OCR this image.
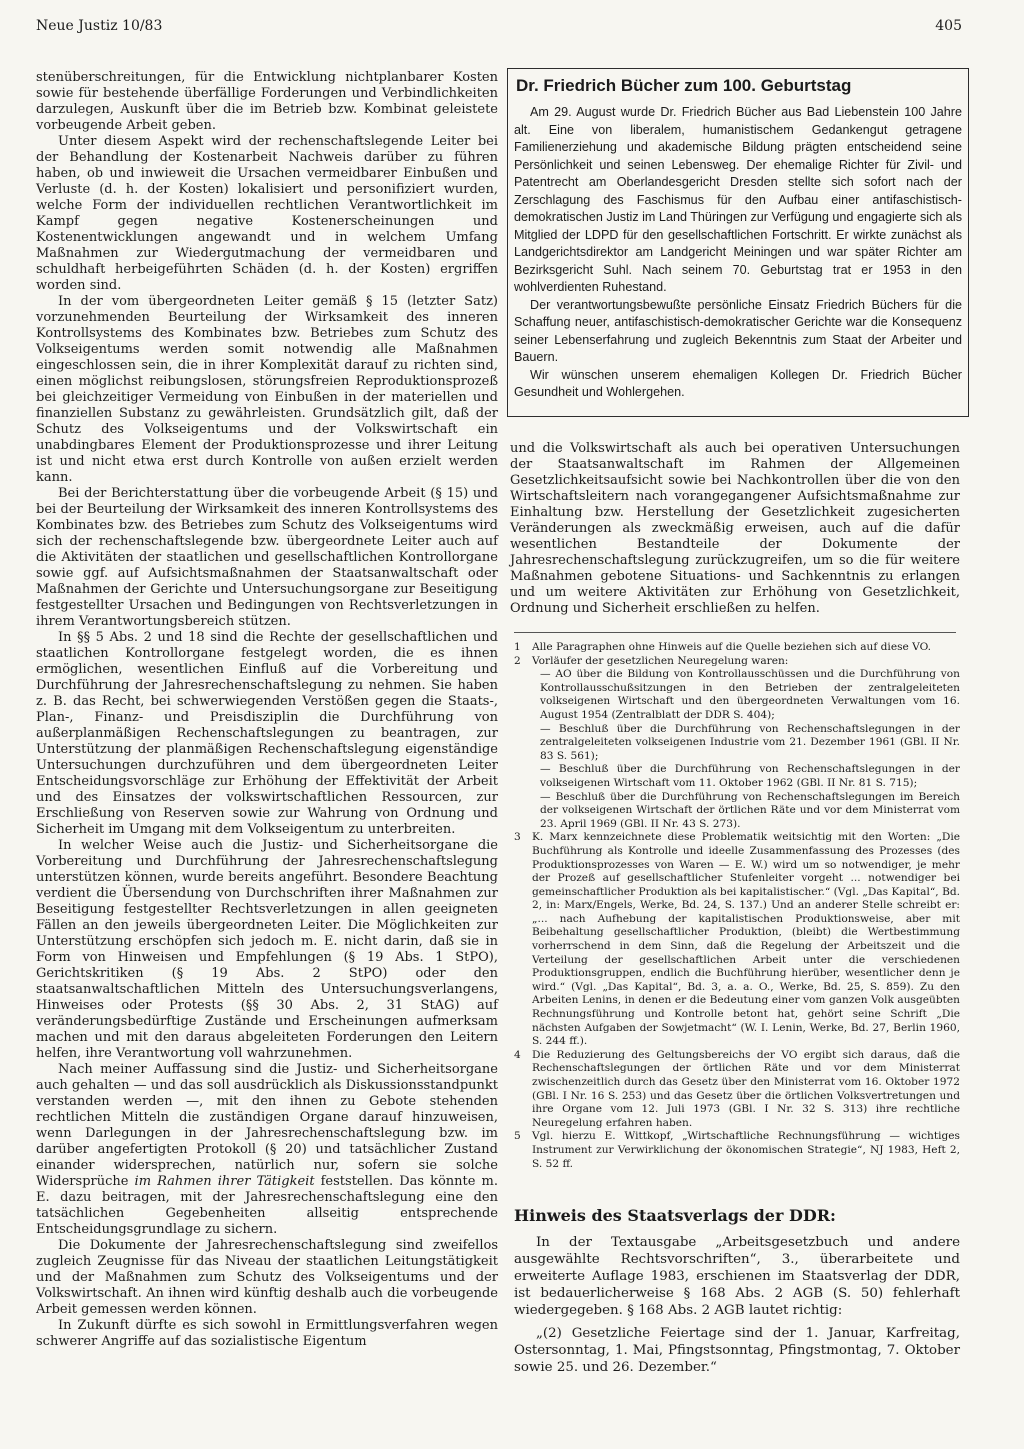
Neue Justiz 10/83	405

stenüberschreitungen, für die Entwicklung nichtplanbarer Kosten sowie für bestehende überfällige Forderungen und Verbindlichkeiten darzulegen, Auskunft über die im Betrieb bzw. Kombinat geleistete vorbeugende Arbeit geben.

Unter diesem Aspekt wird der rechenschaftslegende Leiter bei der Behandlung der Kostenarbeit Nachweis darüber zu führen haben, ob und inwieweit die Ursachen vermeidbarer Einbußen und Verluste (d. h. der Kosten) lokalisiert und personifiziert wurden, welche Form der individuellen rechtlichen Verantwortlichkeit im Kampf gegen negative Kostenerscheinungen und Kostenentwicklungen angewandt und in welchem Umfang Maßnahmen zur Wiedergutmachung der vermeidbaren und schuldhaft herbeigeführten Schäden (d. h. der Kosten) ergriffen worden sind.

In der vom übergeordneten Leiter gemäß § 15 (letzter Satz) vorzunehmenden Beurteilung der Wirksamkeit des inneren Kontrollsystems des Kombinates bzw. Betriebes zum Schutz des Volkseigentums werden somit notwendig alle Maßnahmen eingeschlossen sein, die in ihrer Komplexität darauf zu richten sind, einen möglichst reibungslosen, störungsfreien Reproduktionsprozeß bei gleichzeitiger Vermeidung von Einbußen in der materiellen und finanziellen Substanz zu gewährleisten. Grundsätzlich gilt, daß der Schutz des Volkseigentums und der Volkswirtschaft ein unabdingbares Element der Produktionsprozesse und ihrer Leitung ist und nicht etwa erst durch Kontrolle von außen erzielt werden kann.

Bei der Berichterstattung über die vorbeugende Arbeit (§ 15) und bei der Beurteilung der Wirksamkeit des inneren Kontrollsystems des Kombinates bzw. des Betriebes zum Schutz des Volkseigentums wird sich der rechenschaftslegende bzw. übergeordnete Leiter auch auf die Aktivitäten der staatlichen und gesellschaftlichen Kontrollorgane sowie ggf. auf Aufsichtsmaßnahmen der Staatsanwaltschaft oder Maßnahmen der Gerichte und Untersuchungsorgane zur Beseitigung festgestellter Ursachen und Bedingungen von Rechtsverletzungen in ihrem Verantwortungsbereich stützen.

In §§ 5 Abs. 2 und 18 sind die Rechte der gesellschaftlichen und staatlichen Kontrollorgane festgelegt worden, die es ihnen ermöglichen, wesentlichen Einfluß auf die Vorbereitung und Durchführung der Jahresrechenschaftslegung zu nehmen. Sie haben z. B. das Recht, bei schwerwiegenden Verstößen gegen die Staats-, Plan-, Finanz- und Preisdisziplin die Durchführung von außerplanmäßigen Rechenschaftslegungen zu beantragen, zur Unterstützung der planmäßigen Rechenschaftslegung eigenständige Untersuchungen durchzuführen und dem übergeordneten Leiter Entscheidungsvorschläge zur Erhöhung der Effektivität der Arbeit und des Einsatzes der volkswirtschaftlichen Ressourcen, zur Erschließung von Reserven sowie zur Wahrung von Ordnung und Sicherheit im Umgang mit dem Volkseigentum zu unterbreiten.

In welcher Weise auch die Justiz- und Sicherheitsorgane die Vorbereitung und Durchführung der Jahresrechenschaftslegung unterstützen können, wurde bereits angeführt. Besondere Beachtung verdient die Übersendung von Durchschriften ihrer Maßnahmen zur Beseitigung festgestellter Rechtsverletzungen in allen geeigneten Fällen an den jeweils übergeordneten Leiter. Die Möglichkeiten zur Unterstützung erschöpfen sich jedoch m. E. nicht darin, daß sie in Form von Hinweisen und Empfehlungen (§ 19 Abs. 1 StPO), Gerichtskritiken (§ 19 Abs. 2 StPO) oder den staatsanwaltschaftlichen Mitteln des Untersuchungsverlangens, Hinweises oder Protests (§§ 30 Abs. 2, 31 StAG) auf veränderungsbedürftige Zustände und Erscheinungen aufmerksam machen und mit den daraus abgeleiteten Forderungen den Leitern helfen, ihre Verantwortung voll wahrzunehmen.

Nach meiner Auffassung sind die Justiz- und Sicherheitsorgane auch gehalten — und das soll ausdrücklich als Diskussionsstandpunkt verstanden werden —, mit den ihnen zu Gebote stehenden rechtlichen Mitteln die zuständigen Organe darauf hinzuweisen, wenn Darlegungen in der Jahresrechenschaftslegung bzw. im darüber angefertigten Protokoll (§ 20) und tatsächlicher Zustand einander widersprechen, natürlich nur, sofern sie solche Widersprüche im Rahmen ihrer Tätigkeit feststellen. Das könnte m. E. dazu beitragen, mit der Jahresrechenschaftslegung eine den tatsächlichen Gegebenheiten allseitig entsprechende Entscheidungsgrundlage zu sichern.

Die Dokumente der Jahresrechenschaftslegung sind zweifellos zugleich Zeugnisse für das Niveau der staatlichen Leitungstätigkeit und der Maßnahmen zum Schutz des Volkseigentums und der Volkswirtschaft. An ihnen wird künftig deshalb auch die vorbeugende Arbeit gemessen werden können.

In Zukunft dürfte es sich sowohl in Ermittlungsverfahren wegen schwerer Angriffe auf das sozialistische Eigentum

Dr. Friedrich Bücher zum 100. Geburtstag

Am 29. August wurde Dr. Friedrich Bücher aus Bad Liebenstein 100 Jahre alt. Eine von liberalem, humanistischem Gedankengut getragene Familienerziehung und akademische Bildung prägten entscheidend seine Persönlichkeit und seinen Lebensweg. Der ehemalige Richter für Zivil- und Patentrecht am Oberlandesgericht Dresden stellte sich sofort nach der Zerschlagung des Faschismus für den Aufbau einer antifaschistisch-demokratischen Justiz im Land Thüringen zur Verfügung und engagierte sich als Mitglied der LDPD für den gesellschaftlichen Fortschritt. Er wirkte zunächst als Landgerichtsdirektor am Landgericht Meiningen und war später Richter am Bezirksgericht Suhl. Nach seinem 70. Geburtstag trat er 1953 in den wohlverdienten Ruhestand.

Der verantwortungsbewußte persönliche Einsatz Friedrich Büchers für die Schaffung neuer, antifaschistisch-demokratischer Gerichte war die Konsequenz seiner Lebenserfahrung und zugleich Bekenntnis zum Staat der Arbeiter und Bauern.

Wir wünschen unserem ehemaligen Kollegen Dr. Friedrich Bücher Gesundheit und Wohlergehen.

und die Volkswirtschaft als auch bei operativen Untersuchungen der Staatsanwaltschaft im Rahmen der Allgemeinen Gesetzlichkeitsaufsicht sowie bei Nachkontrollen über die von den Wirtschaftsleitern nach vorangegangener Aufsichtsmaßnahme zur Einhaltung bzw. Herstellung der Gesetzlichkeit zugesicherten Veränderungen als zweckmäßig erweisen, auch auf die dafür wesentlichen Bestandteile der Dokumente der Jahresrechenschaftslegung zurückzugreifen, um so die für weitere Maßnahmen gebotene Situations- und Sachkenntnis zu erlangen und um weitere Aktivitäten zur Erhöhung von Gesetzlichkeit, Ordnung und Sicherheit erschließen zu helfen.

1 Alle Paragraphen ohne Hinweis auf die Quelle beziehen sich auf diese VO.
2 Vorläufer der gesetzlichen Neuregelung waren:
— AO über die Bildung von Kontrollausschüssen und die Durchführung von Kontrollausschußsitzungen in den Betrieben der zentralgeleiteten volkseigenen Wirtschaft und den übergeordneten Verwaltungen vom 16. August 1954 (Zentralblatt der DDR S. 404);
— Beschluß über die Durchführung von Rechenschaftslegungen in der zentralgeleiteten volkseigenen Industrie vom 21. Dezember 1961 (GBl. II Nr. 83 S. 561);
— Beschluß über die Durchführung von Rechenschaftslegungen in der volkseigenen Wirtschaft vom 11. Oktober 1962 (GBl. II Nr. 81 S. 715);
— Beschluß über die Durchführung von Rechenschaftslegungen im Bereich der volkseigenen Wirtschaft der örtlichen Räte und vor dem Ministerrat vom 23. April 1969 (GBl. II Nr. 43 S. 273).
3 K. Marx kennzeichnete diese Problematik weitsichtig mit den Worten: „Die Buchführung als Kontrolle und ideelle Zusammenfassung des Prozesses (des Produktionsprozesses von Waren — E. W.) wird um so notwendiger, je mehr der Prozeß auf gesellschaftlicher Stufenleiter vorgeht ... notwendiger bei gemeinschaftlicher Produktion als bei kapitalistischer.“ (Vgl. „Das Kapital“, Bd. 2, in: Marx/Engels, Werke, Bd. 24, S. 137.) Und an anderer Stelle schreibt er: „... nach Aufhebung der kapitalistischen Produktionsweise, aber mit Beibehaltung gesellschaftlicher Produktion, (bleibt) die Wertbestimmung vorherrschend in dem Sinn, daß die Regelung der Arbeitszeit und die Verteilung der gesellschaftlichen Arbeit unter die verschiedenen Produktionsgruppen, endlich die Buchführung hierüber, wesentlicher denn je wird.“ (Vgl. „Das Kapital“, Bd. 3, a. a. O., Werke, Bd. 25, S. 859). Zu den Arbeiten Lenins, in denen er die Bedeutung einer vom ganzen Volk ausgeübten Rechnungsführung und Kontrolle betont hat, gehört seine Schrift „Die nächsten Aufgaben der Sowjetmacht“ (W. I. Lenin, Werke, Bd. 27, Berlin 1960, S. 244 ff.).
4 Die Reduzierung des Geltungsbereichs der VO ergibt sich daraus, daß die Rechenschaftslegungen der örtlichen Räte und vor dem Ministerrat zwischenzeitlich durch das Gesetz über den Ministerrat vom 16. Oktober 1972 (GBl. I Nr. 16 S. 253) und das Gesetz über die örtlichen Volksvertretungen und ihre Organe vom 12. Juli 1973 (GBl. I Nr. 32 S. 313) ihre rechtliche Neuregelung erfahren haben.
5 Vgl. hierzu E. Wittkopf, „Wirtschaftliche Rechnungsführung — wichtiges Instrument zur Verwirklichung der ökonomischen Strategie“, NJ 1983, Heft 2, S. 52 ff.
Hinweis des Staatsverlags der DDR:

In der Textausgabe „Arbeitsgesetzbuch und andere ausgewählte Rechtsvorschriften“, 3., überarbeitete und erweiterte Auflage 1983, erschienen im Staatsverlag der DDR, ist bedauerlicherweise § 168 Abs. 2 AGB (S. 50) fehlerhaft wiedergegeben. § 168 Abs. 2 AGB lautet richtig:

„(2) Gesetzliche Feiertage sind der 1. Januar, Karfreitag, Ostersonntag, 1. Mai, Pfingstsonntag, Pfingstmontag, 7. Oktober sowie 25. und 26. Dezember.“
